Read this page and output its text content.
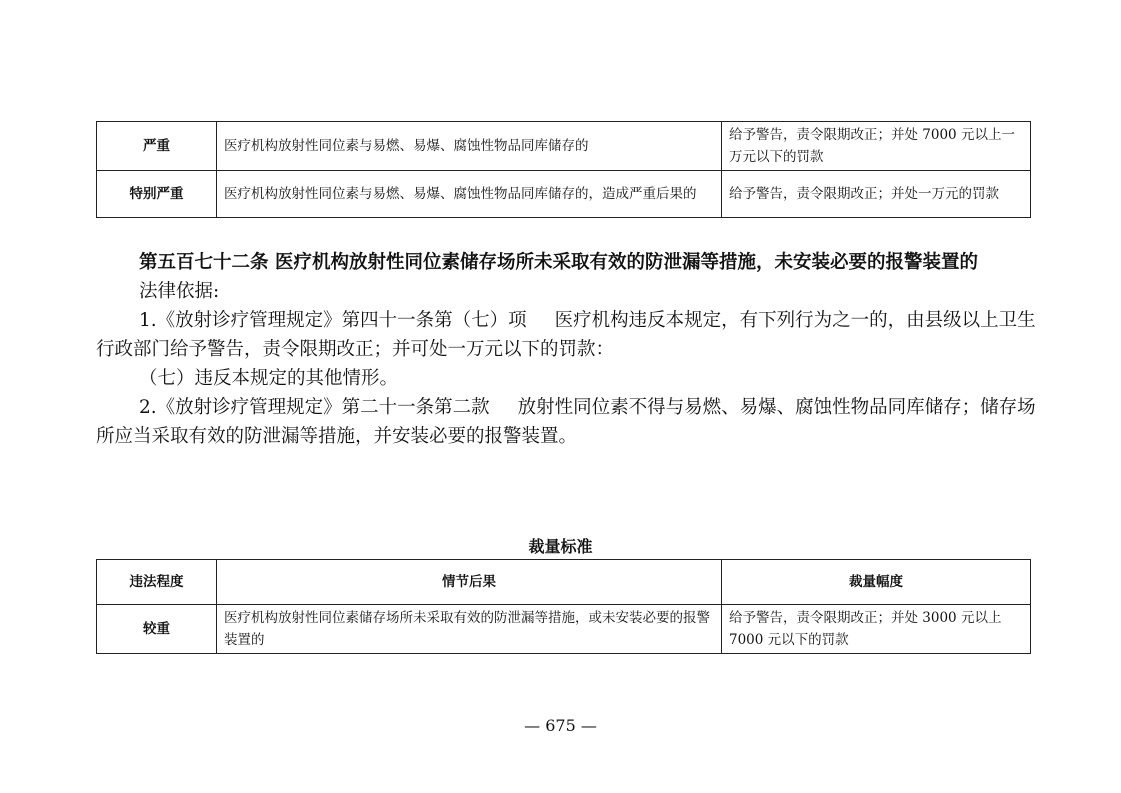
严重	医疗机构放射性同位素与易燃、易爆、腐蚀性物品同库储存的	给予警告，责令限期改正；并处 7000 元以上一万元以下的罚款
特别严重	医疗机构放射性同位素与易燃、易爆、腐蚀性物品同库储存的，造成严重后果的	给予警告，责令限期改正；并处一万元的罚款
第五百七十二条 医疗机构放射性同位素储存场所未采取有效的防泄漏等措施，未安装必要的报警装置的
法律依据:
1.《放射诊疗管理规定》第四十一条第（七）项 医疗机构违反本规定，有下列行为之一的，由县级以上卫生行政部门给予警告，责令限期改正；并可处一万元以下的罚款：
（七）违反本规定的其他情形。
2.《放射诊疗管理规定》第二十一条第二款 放射性同位素不得与易燃、易爆、腐蚀性物品同库储存；储存场所应当采取有效的防泄漏等措施，并安装必要的报警装置。
裁量标准
违法程度	情节后果	裁量幅度
较重	医疗机构放射性同位素储存场所未采取有效的防泄漏等措施，或未安装必要的报警装置的	给予警告，责令限期改正；并处 3000 元以上 7000 元以下的罚款
— 675 —
